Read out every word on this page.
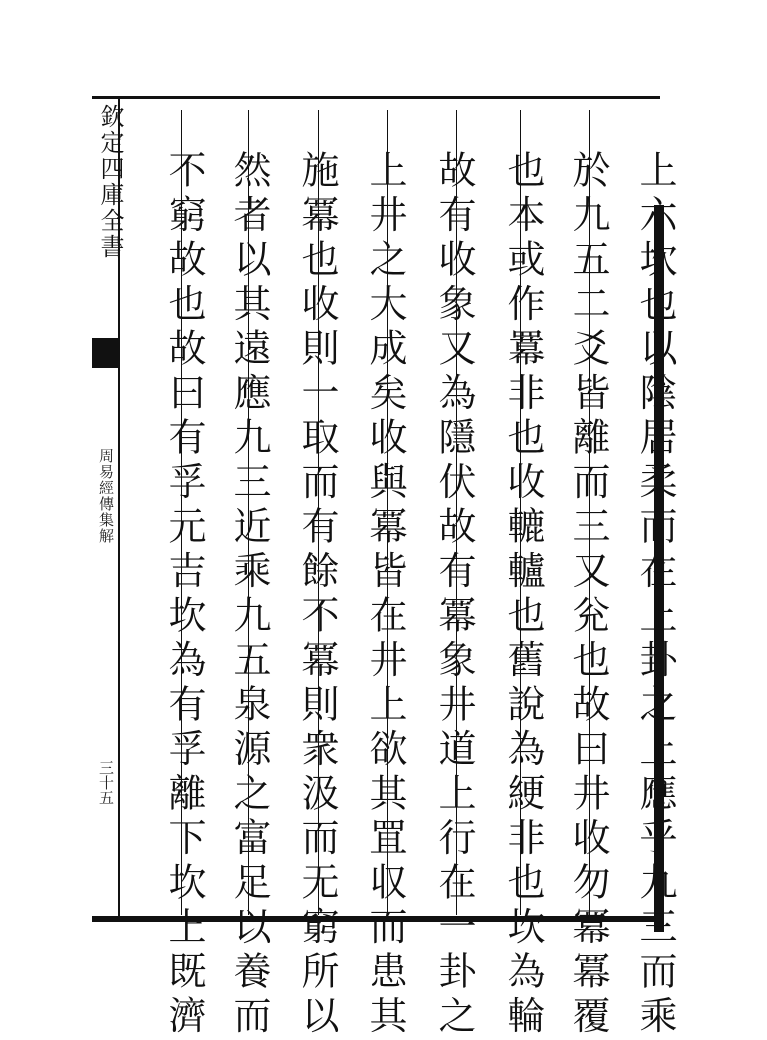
欽定四庫全書

周易經傳集解

三十五	上六坎也以陰居柔而在上卦之上應乎九三而乘

於九五二爻皆離而三又兊也故曰井收勿冪冪覆

也本或作羃非也收轆轤也舊說為綆非也坎為輪

故有收象又為隱伏故有冪象井道上行在一卦之

上井之大成矣收與冪皆在井上欲其罝収而患其

施冪也收則一取而有餘不冪則衆汲而无窮所以

然者以其遠應九三近乘九五泉源之富足以養而

不窮故也故曰有孚元吉坎為有孚離下坎上既濟
